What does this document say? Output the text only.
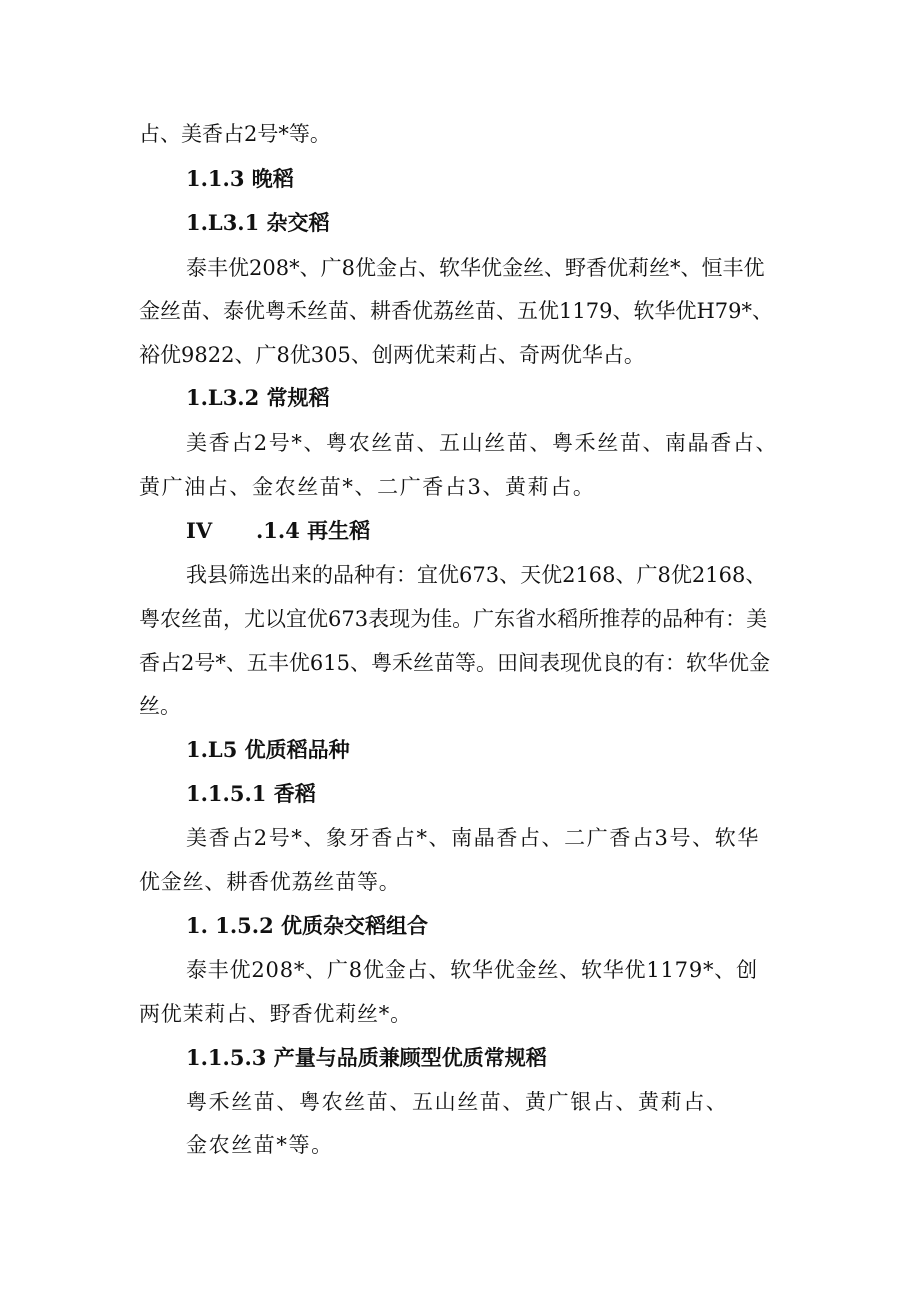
占、美香占2号*等。
1.1.3 晚稻
1.L3.1 杂交稻
泰丰优208*、广8优金占、软华优金丝、野香优莉丝*、恒丰优
金丝苗、泰优粤禾丝苗、耕香优荔丝苗、五优1179、软华优H79*、
裕优9822、广8优305、创两优茉莉占、奇两优华占。
1.L3.2 常规稻
美香占2号*、粤农丝苗、五山丝苗、粤禾丝苗、南晶香占、
黄广油占、金农丝苗*、二广香占3、黄莉占。
IV .1.4 再生稻
我县筛选出来的品种有：宜优673、天优2168、广8优2168、
粤农丝苗，尤以宜优673表现为佳。广东省水稻所推荐的品种有：美
香占2号*、五丰优615、粤禾丝苗等。田间表现优良的有：软华优金
丝。
1.L5 优质稻品种
1.1.5.1 香稻
美香占2号*、象牙香占*、南晶香占、二广香占3号、软华
优金丝、耕香优荔丝苗等。
1. 1.5.2 优质杂交稻组合
泰丰优208*、广8优金占、软华优金丝、软华优1179*、创
两优茉莉占、野香优莉丝*。
1.1.5.3 产量与品质兼顾型优质常规稻
粤禾丝苗、粤农丝苗、五山丝苗、黄广银占、黄莉占、
金农丝苗*等。
